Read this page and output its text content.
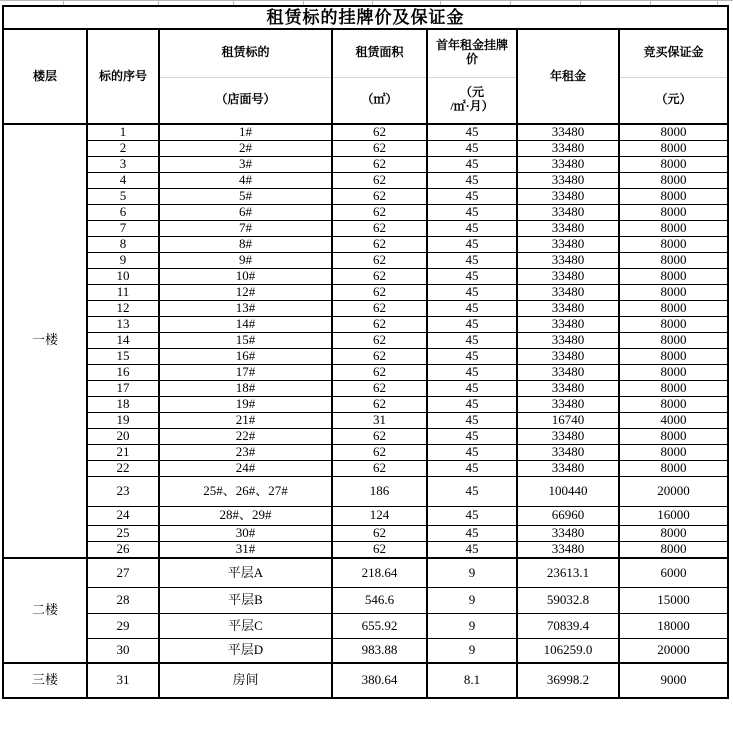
租赁标的挂牌价及保证金						
楼层	标的序号	租赁标的	租赁面积	首年租金挂牌价	年租金	竞买保证金
		（店面号）	（㎡）	（元
/㎡·月）		（元）
一楼	1	1#	62	45	33480	8000
	2	2#	62	45	33480	8000
	3	3#	62	45	33480	8000
	4	4#	62	45	33480	8000
	5	5#	62	45	33480	8000
	6	6#	62	45	33480	8000
	7	7#	62	45	33480	8000
	8	8#	62	45	33480	8000
	9	9#	62	45	33480	8000
	10	10#	62	45	33480	8000
	11	12#	62	45	33480	8000
	12	13#	62	45	33480	8000
	13	14#	62	45	33480	8000
	14	15#	62	45	33480	8000
	15	16#	62	45	33480	8000
	16	17#	62	45	33480	8000
	17	18#	62	45	33480	8000
	18	19#	62	45	33480	8000
	19	21#	31	45	16740	4000
	20	22#	62	45	33480	8000
	21	23#	62	45	33480	8000
	22	24#	62	45	33480	8000
	23	25#、26#、27#	186	45	100440	20000
	24	28#、29#	124	45	66960	16000
	25	30#	62	45	33480	8000
	26	31#	62	45	33480	8000
二楼	27	平层A	218.64	9	23613.1	6000
	28	平层B	546.6	9	59032.8	15000
	29	平层C	655.92	9	70839.4	18000
	30	平层D	983.88	9	106259.0	20000
三楼	31	房间	380.64	8.1	36998.2	9000
